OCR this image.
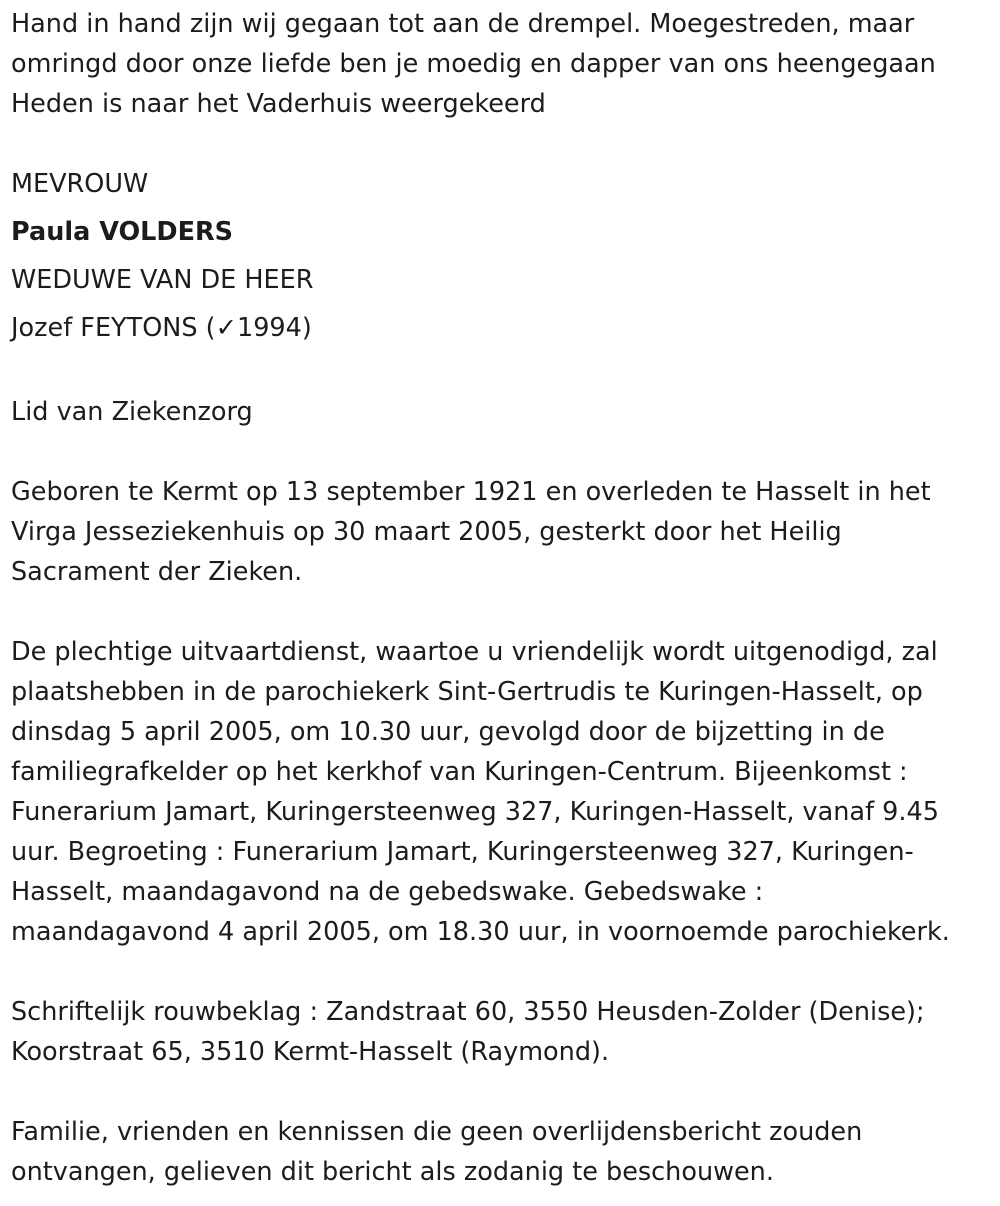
Hand in hand zijn wij gegaan tot aan de drempel. Moegestreden, maar
omringd door onze liefde ben je moedig en dapper van ons heengegaan
Heden is naar het Vaderhuis weergekeerd
MEVROUW
Paula VOLDERS
WEDUWE VAN DE HEER
Jozef FEYTONS (✓1994)
Lid van Ziekenzorg
Geboren te Kermt op 13 september 1921 en overleden te Hasselt in het
Virga Jesseziekenhuis op 30 maart 2005, gesterkt door het Heilig
Sacrament der Zieken.
De plechtige uitvaartdienst, waartoe u vriendelijk wordt uitgenodigd, zal
plaatshebben in de parochiekerk Sint-Gertrudis te Kuringen-Hasselt, op
dinsdag 5 april 2005, om 10.30 uur, gevolgd door de bijzetting in de
familiegrafkelder op het kerkhof van Kuringen-Centrum. Bijeenkomst :
Funerarium Jamart, Kuringersteenweg 327, Kuringen-Hasselt, vanaf 9.45
uur. Begroeting : Funerarium Jamart, Kuringersteenweg 327, Kuringen-
Hasselt, maandagavond na de gebedswake. Gebedswake :
maandagavond 4 april 2005, om 18.30 uur, in voornoemde parochiekerk.
Schriftelijk rouwbeklag : Zandstraat 60, 3550 Heusden-Zolder (Denise);
Koorstraat 65, 3510 Kermt-Hasselt (Raymond).
Familie, vrienden en kennissen die geen overlijdensbericht zouden
ontvangen, gelieven dit bericht als zodanig te beschouwen.
